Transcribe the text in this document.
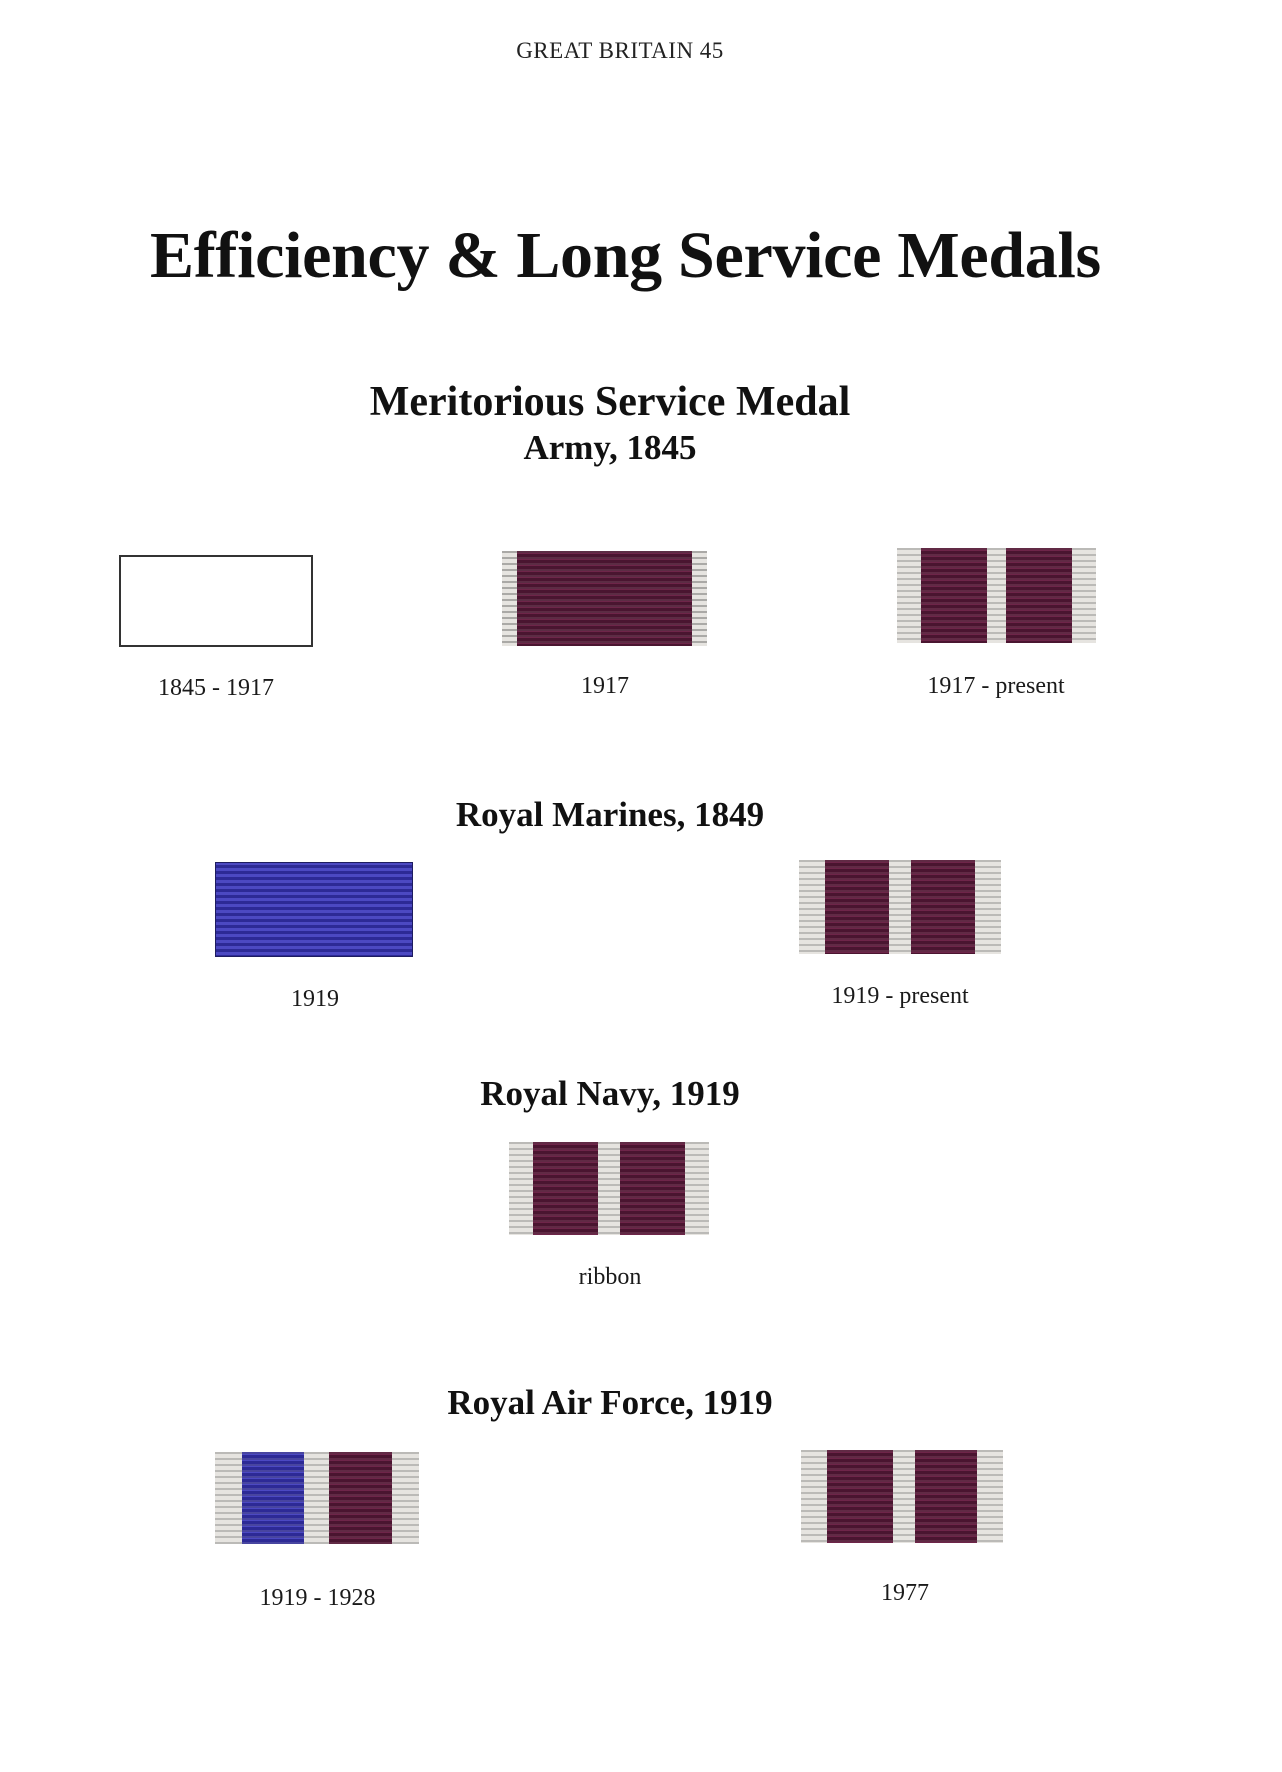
GREAT BRITAIN 45
Efficiency & Long Service Medals
Meritorious Service Medal
Army, 1845
1845 - 1917	1917	1917 - present
Royal Marines, 1849
1919	1919 - present
Royal Navy, 1919
ribbon
Royal Air Force, 1919
1919 - 1928	1977
